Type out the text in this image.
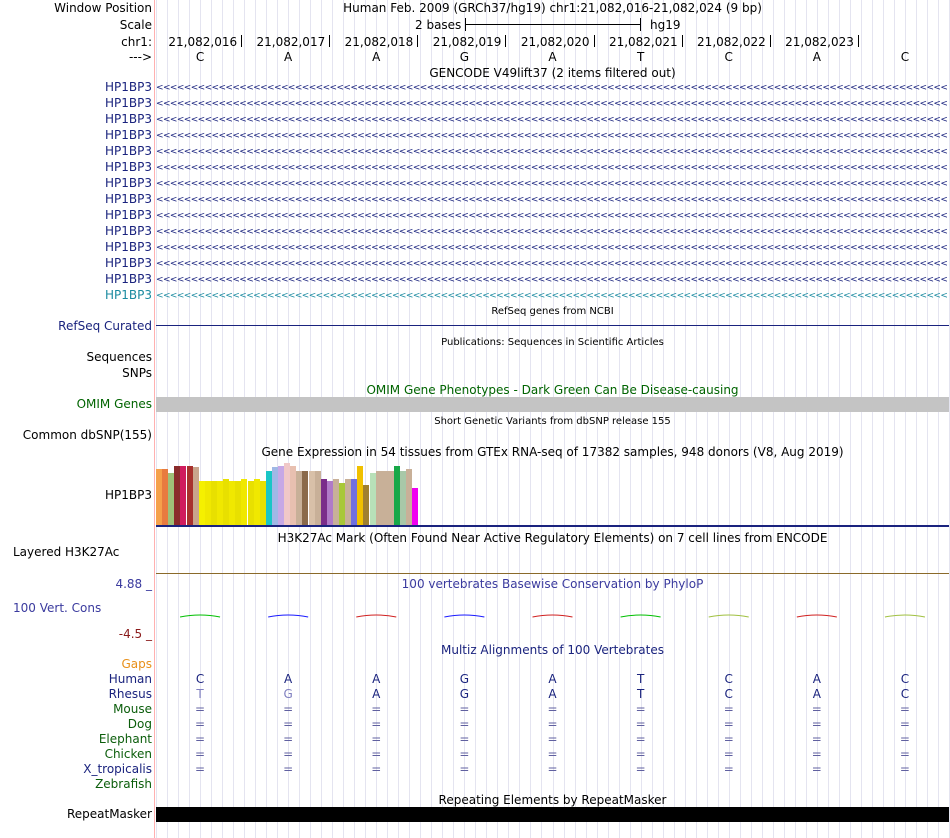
Window Position	Human Feb. 2009 (GRCh37/hg19) chr1:21,082,016-21,082,024 (9 bp)
Scale	2 bases	hg19
chr1:	21,082,016	21,082,017	21,082,018	21,082,019	21,082,020	21,082,021	21,082,022	21,082,023
--->	C	A	A	G	A	T	C	A	C
GENCODE V49lift37 (2 items filtered out)
HP1BP3 <<<<<<<<<<<<<<<<<<<<<<<<<<<<<<<<<<<<<<<<<<<<<<<<<<<<<<<<<<<<<<<<<<<<<<<<<<<<<<<<<<<<<<<<<<<<<<<<<<<<<<<<<<<<<<<<<<
HP1BP3 <<<<<<<<<<<<<<<<<<<<<<<<<<<<<<<<<<<<<<<<<<<<<<<<<<<<<<<<<<<<<<<<<<<<<<<<<<<<<<<<<<<<<<<<<<<<<<<<<<<<<<<<<<<<<<<<<<
HP1BP3 <<<<<<<<<<<<<<<<<<<<<<<<<<<<<<<<<<<<<<<<<<<<<<<<<<<<<<<<<<<<<<<<<<<<<<<<<<<<<<<<<<<<<<<<<<<<<<<<<<<<<<<<<<<<<<<<<<
HP1BP3 <<<<<<<<<<<<<<<<<<<<<<<<<<<<<<<<<<<<<<<<<<<<<<<<<<<<<<<<<<<<<<<<<<<<<<<<<<<<<<<<<<<<<<<<<<<<<<<<<<<<<<<<<<<<<<<<<<
HP1BP3 <<<<<<<<<<<<<<<<<<<<<<<<<<<<<<<<<<<<<<<<<<<<<<<<<<<<<<<<<<<<<<<<<<<<<<<<<<<<<<<<<<<<<<<<<<<<<<<<<<<<<<<<<<<<<<<<<<
HP1BP3 <<<<<<<<<<<<<<<<<<<<<<<<<<<<<<<<<<<<<<<<<<<<<<<<<<<<<<<<<<<<<<<<<<<<<<<<<<<<<<<<<<<<<<<<<<<<<<<<<<<<<<<<<<<<<<<<<<
HP1BP3 <<<<<<<<<<<<<<<<<<<<<<<<<<<<<<<<<<<<<<<<<<<<<<<<<<<<<<<<<<<<<<<<<<<<<<<<<<<<<<<<<<<<<<<<<<<<<<<<<<<<<<<<<<<<<<<<<<
HP1BP3 <<<<<<<<<<<<<<<<<<<<<<<<<<<<<<<<<<<<<<<<<<<<<<<<<<<<<<<<<<<<<<<<<<<<<<<<<<<<<<<<<<<<<<<<<<<<<<<<<<<<<<<<<<<<<<<<<<
HP1BP3 <<<<<<<<<<<<<<<<<<<<<<<<<<<<<<<<<<<<<<<<<<<<<<<<<<<<<<<<<<<<<<<<<<<<<<<<<<<<<<<<<<<<<<<<<<<<<<<<<<<<<<<<<<<<<<<<<<
HP1BP3 <<<<<<<<<<<<<<<<<<<<<<<<<<<<<<<<<<<<<<<<<<<<<<<<<<<<<<<<<<<<<<<<<<<<<<<<<<<<<<<<<<<<<<<<<<<<<<<<<<<<<<<<<<<<<<<<<<
HP1BP3 <<<<<<<<<<<<<<<<<<<<<<<<<<<<<<<<<<<<<<<<<<<<<<<<<<<<<<<<<<<<<<<<<<<<<<<<<<<<<<<<<<<<<<<<<<<<<<<<<<<<<<<<<<<<<<<<<<
HP1BP3 <<<<<<<<<<<<<<<<<<<<<<<<<<<<<<<<<<<<<<<<<<<<<<<<<<<<<<<<<<<<<<<<<<<<<<<<<<<<<<<<<<<<<<<<<<<<<<<<<<<<<<<<<<<<<<<<<<
HP1BP3 <<<<<<<<<<<<<<<<<<<<<<<<<<<<<<<<<<<<<<<<<<<<<<<<<<<<<<<<<<<<<<<<<<<<<<<<<<<<<<<<<<<<<<<<<<<<<<<<<<<<<<<<<<<<<<<<<<
HP1BP3 <<<<<<<<<<<<<<<<<<<<<<<<<<<<<<<<<<<<<<<<<<<<<<<<<<<<<<<<<<<<<<<<<<<<<<<<<<<<<<<<<<<<<<<<<<<<<<<<<<<<<<<<<<<<<<<<<<
RefSeq genes from NCBI
RefSeq Curated
Publications: Sequences in Scientific Articles
Sequences
SNPs
OMIM Gene Phenotypes - Dark Green Can Be Disease-causing
OMIM Genes
Short Genetic Variants from dbSNP release 155
Common dbSNP(155)
Gene Expression in 54 tissues from GTEx RNA-seq of 17382 samples, 948 donors (V8, Aug 2019)
HP1BP3
H3K27Ac Mark (Often Found Near Active Regulatory Elements) on 7 cell lines from ENCODE
Layered H3K27Ac
100 vertebrates Basewise Conservation by PhyloP
4.88 _
100 Vert. Cons
-4.5 _
Multiz Alignments of 100 Vertebrates
Gaps
Human	C	A	A	G	A	T	C	A	C
Rhesus	T	G	A	G	A	T	C	A	C
Mouse	=	=	=	=	=	=	=	=	=
Dog	=	=	=	=	=	=	=	=	=
Elephant	=	=	=	=	=	=	=	=	=
Chicken	=	=	=	=	=	=	=	=	=
X_tropicalis	=	=	=	=	=	=	=	=	=
Zebrafish
Repeating Elements by RepeatMasker
RepeatMasker
